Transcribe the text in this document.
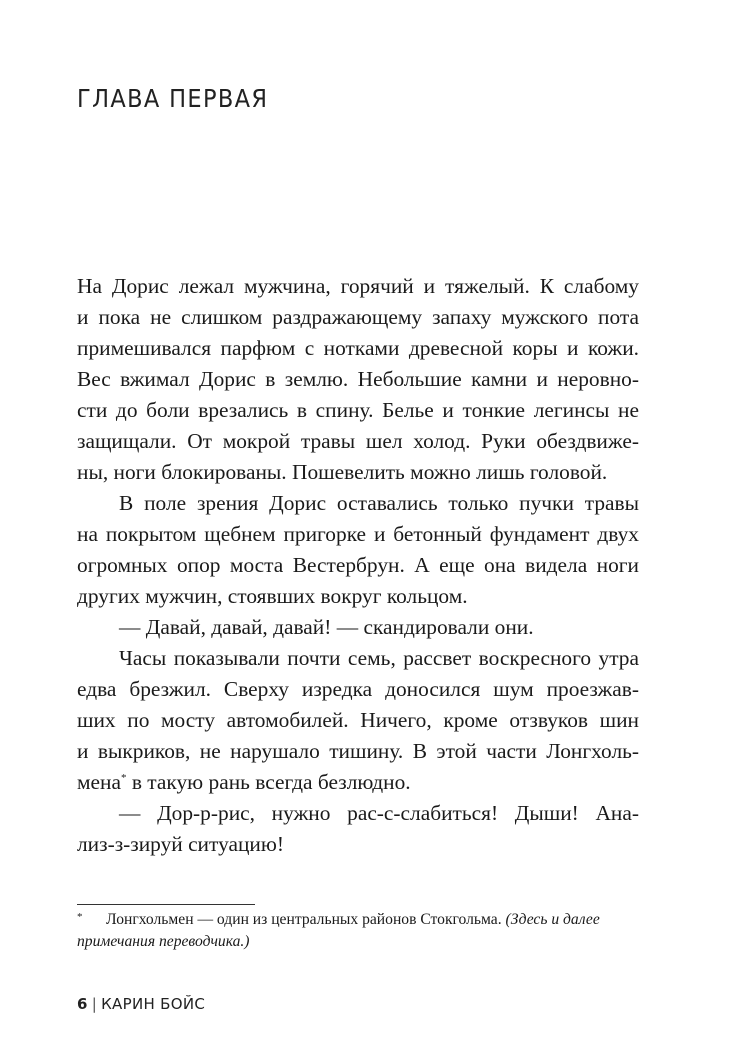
ГЛАВА ПЕРВАЯ
На Дорис лежал мужчина, горячий и тяжелый. К слабому
и пока не слишком раздражающему запаху мужского пота
примешивался парфюм с нотками древесной коры и кожи.
Вес вжимал Дорис в землю. Небольшие камни и неровно-
сти до боли врезались в спину. Белье и тонкие легинсы не
защищали. От мокрой травы шел холод. Руки обездвиже-
ны, ноги блокированы. Пошевелить можно лишь головой.
В поле зрения Дорис оставались только пучки травы
на покрытом щебнем пригорке и бетонный фундамент двух
огромных опор моста Вестербрун. А еще она видела ноги
других мужчин, стоявших вокруг кольцом.
— Давай, давай, давай! — скандировали они.
Часы показывали почти семь, рассвет воскресного утра
едва брезжил. Сверху изредка доносился шум проезжав-
ших по мосту автомобилей. Ничего, кроме отзвуков шин
и выкриков, не нарушало тишину. В этой части Лонгхоль-
мена* в такую рань всегда безлюдно.
— Дор-р-рис, нужно рас-с-слабиться! Дыши! Ана-
лиз-з-зируй ситуацию!
* Лонгхольмен — один из центральных районов Стокгольма. (Здесь и далее
примечания переводчика.)
6 | КАРИН БОЙС
